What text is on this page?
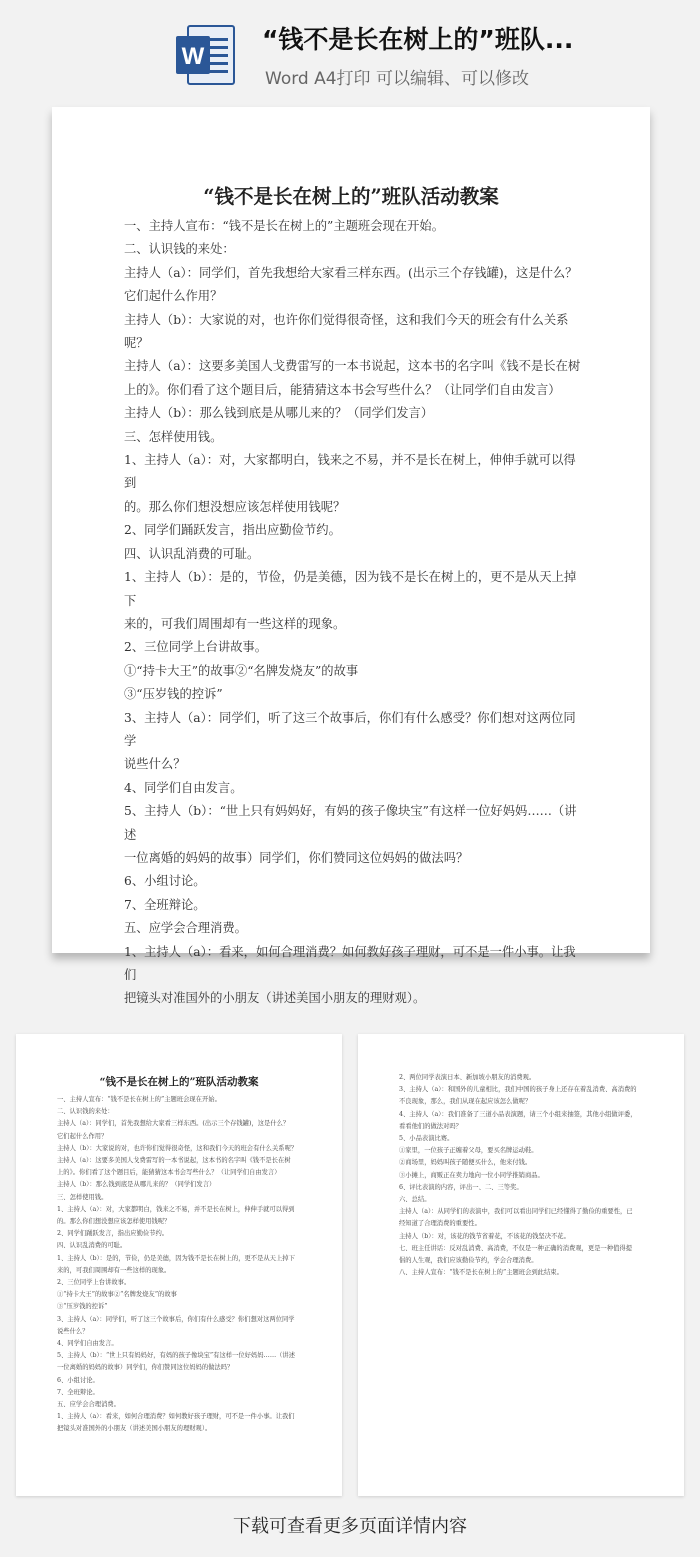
W
“钱不是长在树上的”班队...
Word A4打印 可以编辑、可以修改
“钱不是长在树上的”班队活动教案

一、主持人宣布：“钱不是长在树上的”主题班会现在开始。

二、认识钱的来处：

主持人（a）：同学们，首先我想给大家看三样东西。(出示三个存钱罐)，这是什么？

它们起什么作用？

主持人（b）：大家说的对，也许你们觉得很奇怪，这和我们今天的班会有什么关系呢？

主持人（a）：这要多美国人戈费雷写的一本书说起，这本书的名字叫《钱不是长在树

上的》。你们看了这个题目后，能猜猜这本书会写些什么？（让同学们自由发言）

主持人（b）：那么钱到底是从哪儿来的？（同学们发言）

三、怎样使用钱。

1、主持人（a）：对，大家都明白，钱来之不易，并不是长在树上，伸伸手就可以得到

的。那么你们想没想应该怎样使用钱呢？

2、同学们踊跃发言，指出应勤俭节约。

四、认识乱消费的可耻。

1、主持人（b）：是的，节俭，仍是美德，因为钱不是长在树上的，更不是从天上掉下

来的，可我们周围却有一些这样的现象。

2、三位同学上台讲故事。

①“持卡大王”的故事②“名牌发烧友”的故事

③“压岁钱的控诉”

3、主持人（a）：同学们，听了这三个故事后，你们有什么感受？你们想对这两位同学

说些什么？

4、同学们自由发言。

5、主持人（b）：“世上只有妈妈好，有妈的孩子像块宝”有这样一位好妈妈……（讲述

一位离婚的妈妈的故事）同学们，你们赞同这位妈妈的做法吗？

6、小组讨论。

7、全班辩论。

五、应学会合理消费。

1、主持人（a）：看来，如何合理消费？如何教好孩子理财，可不是一件小事。让我们

把镜头对准国外的小朋友（讲述美国小朋友的理财观）。

“钱不是长在树上的”班队活动教案

一、主持人宣布：“钱不是长在树上的”主题班会现在开始。

二、认识钱的来处：

主持人（a）：同学们，首先我想给大家看三样东西。(出示三个存钱罐)，这是什么？

它们起什么作用？

主持人（b）：大家说的对，也许你们觉得很奇怪，这和我们今天的班会有什么关系呢？

主持人（a）：这要多美国人戈费雷写的一本书说起，这本书的名字叫《钱不是长在树

上的》。你们看了这个题目后，能猜猜这本书会写些什么？（让同学们自由发言）

主持人（b）：那么钱到底是从哪儿来的？（同学们发言）

三、怎样使用钱。

1、主持人（a）：对，大家都明白，钱来之不易，并不是长在树上，伸伸手就可以得到

的。那么你们想没想应该怎样使用钱呢？

2、同学们踊跃发言，指出应勤俭节约。

四、认识乱消费的可耻。

1、主持人（b）：是的，节俭，仍是美德，因为钱不是长在树上的，更不是从天上掉下

来的，可我们周围却有一些这样的现象。

2、三位同学上台讲故事。

①“持卡大王”的故事②“名牌发烧友”的故事

③“压岁钱的控诉”

3、主持人（a）：同学们，听了这三个故事后，你们有什么感受？你们想对这两位同学

说些什么？

4、同学们自由发言。

5、主持人（b）：“世上只有妈妈好，有妈的孩子像块宝”有这样一位好妈妈……（讲述

一位离婚的妈妈的故事）同学们，你们赞同这位妈妈的做法吗？

6、小组讨论。

7、全班辩论。

五、应学会合理消费。

1、主持人（a）：看来，如何合理消费？如何教好孩子理财，可不是一件小事。让我们

把镜头对准国外的小朋友（讲述美国小朋友的理财观）。

2、两位同学表演日本、新加坡小朋友的消费观。

3、主持人（a）：和国外的儿童相比，我们中国的孩子身上还存在着乱消费、高消费的

不良现象，那么，我们从现在起应该怎么做呢？

4、主持人（a）：我们准备了三道小品表演题，请三个小组来抽签，其他小组做评委，

看看他们的做法对吗？

5、小品表演比赛。

①家里，一位孩子正缠着父母，要买名牌运动鞋。

②商场里，妈妈叫孩子随便买什么，他来付钱。

③小摊上，商贩正在卖力地向一位小同学推销商品。

6、评比表演的内容，评出一、二、三等奖。

六、总结。

主持人（a）：从同学们的表演中，我们可以看出同学们已经懂得了勤俭的重要性，已

经知道了合理消费的重要性。

主持人（b）：对，该花的钱节省着花，不该花的钱坚决不花。

七、班主任讲话：反对乱消费、高消费，不仅是一种正确的消费观，更是一种值得提

倡的人生观，我们应该勤俭节约，学会合理消费。

八、主持人宣布：“钱不是长在树上的”主题班会到此结束。

下载可查看更多页面详情内容
